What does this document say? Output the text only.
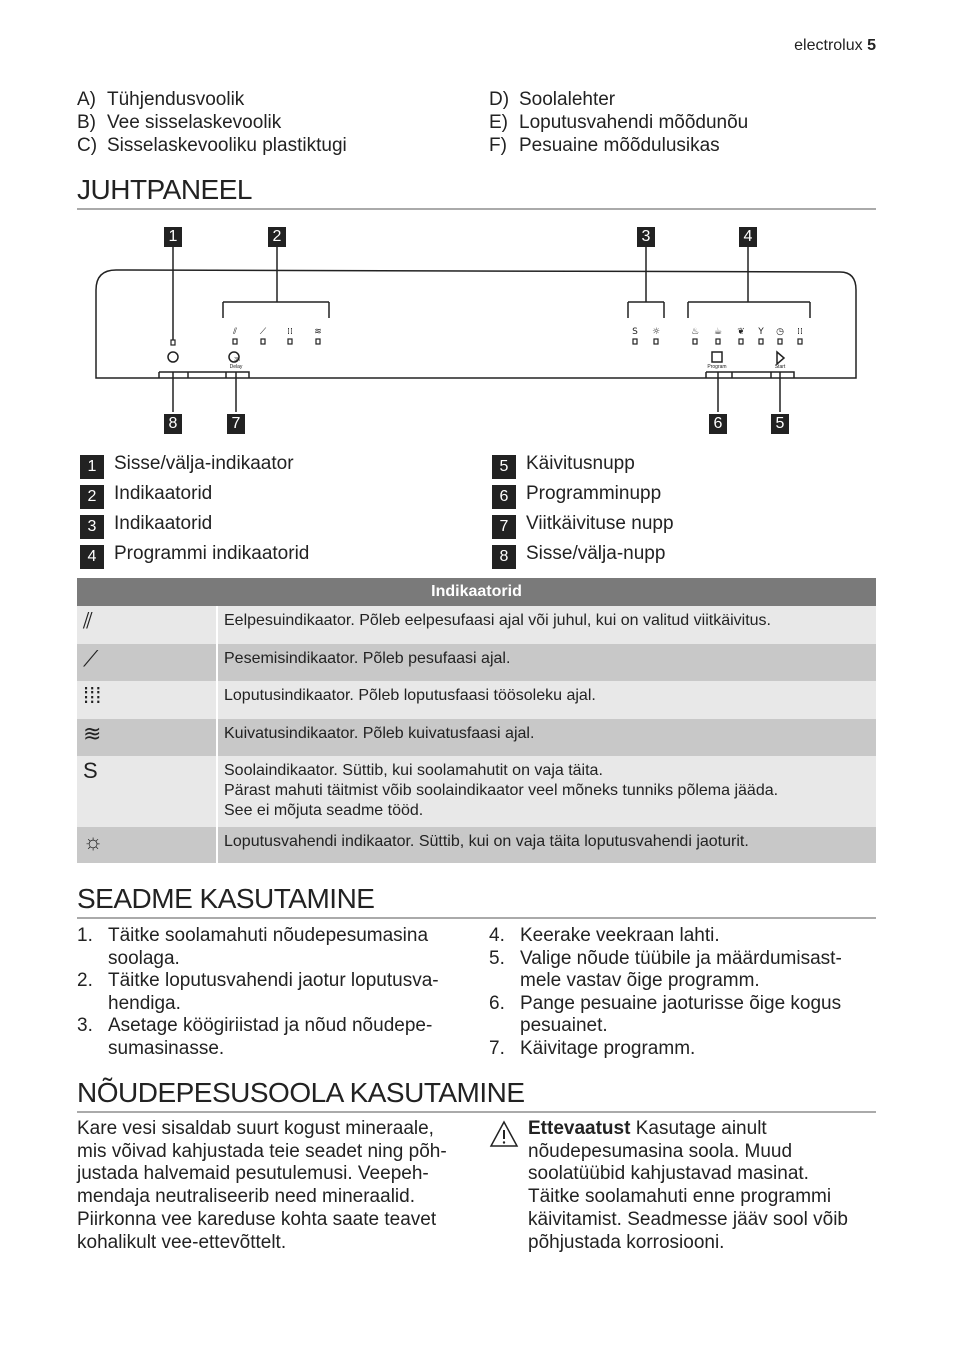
electrolux 5
A) Tühjendusvoolik
B) Vee sisselaskevoolik
C) Sisselaskevooliku plastiktugi
D) Soolalehter
E) Loputusvahendi mõõdunõu
F) Pesuaine mõõdulusikas
JUHTPANEEL
⫽	⟋ ⁞⁞ ≋	S ☼	♨ ☕ ❦ Y ◷ ⁞⁞
Delay	Program	Start
3h
1	2	3	4
5
6
7
8
1 Sisse/välja-indikaator
2 Indikaatorid
3 Indikaatorid
4 Programmi indikaatorid
5 Käivitusnupp
6 Programminupp
7 Viitkäivituse nupp
8 Sisse/välja-nupp
Indikaatorid	
⫽	Eelpesuindikaator. Põleb eelpesufaasi ajal või juhul, kui on valitud viitkäivitus.
⟋	Pesemisindikaator. Põleb pesufaasi ajal.
⁞⁞⁞	Loputusindikaator. Põleb loputusfaasi töösoleku ajal.
≋	Kuivatusindikaator. Põleb kuivatusfaasi ajal.
S	Soolaindikaator. Süttib, kui soolamahutit on vaja täita.
Pärast mahuti täitmist võib soolaindikaator veel mõneks tunniks põlema jääda.
See ei mõjuta seadme tööd.

☼	Loputusvahendi indikaator. Süttib, kui on vaja täita loputusvahendi jaoturit.
SEADME KASUTAMINE
1. Täitke soolamahuti nõudepesumasina
soolaga.
2. Täitke loputusvahendi jaotur loputusva-
hendiga.
3. Asetage köögiriistad ja nõud nõudepe-
sumasinasse.
4. Keerake veekraan lahti.
5. Valige nõude tüübile ja määrdumisast-
mele vastav õige programm.
6. Pange pesuaine jaoturisse õige kogus
pesuainet.
7. Käivitage programm.
NÕUDEPESUSOOLA KASUTAMINE
Kare vesi sisaldab suurt kogust mineraale,
mis võivad kahjustada teie seadet ning põh-
justada halvemaid pesutulemusi. Veepeh-
mendaja neutraliseerib need mineraalid.
Piirkonna vee kareduse kohta saate teavet
kohalikult vee-ettevõttelt.
Ettevaatust Kasutage ainult
nõudepesumasina soola. Muud
soolatüübid kahjustavad masinat.
Täitke soolamahuti enne programmi
käivitamist. Seadmesse jääv sool võib
põhjustada korrosiooni.
